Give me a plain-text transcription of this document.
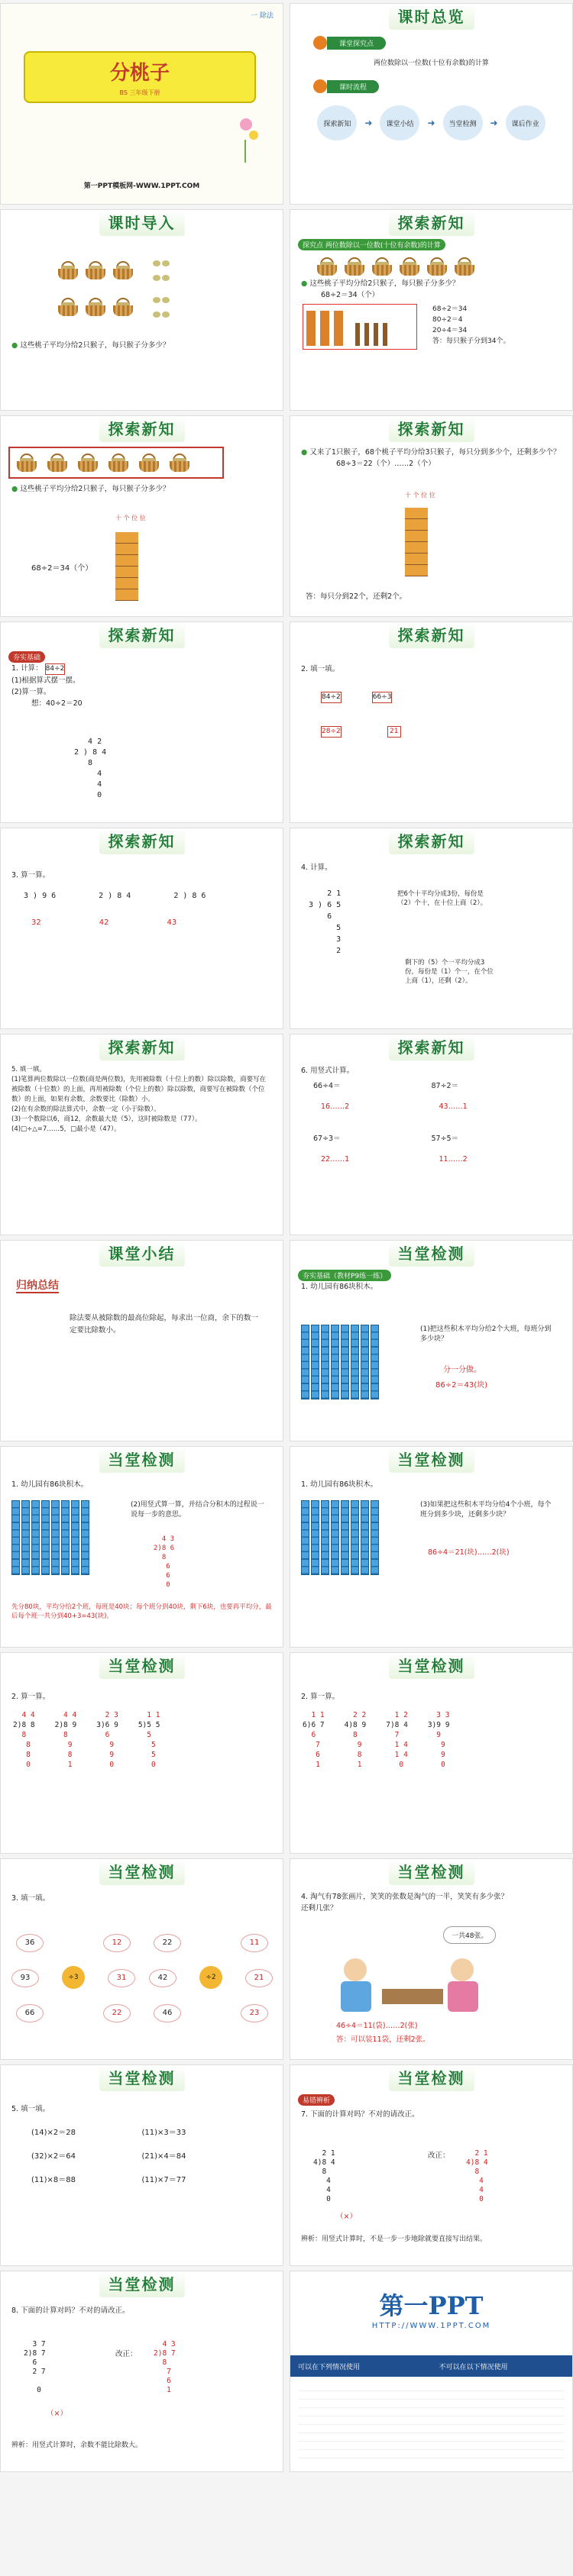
一 除法
分桃子
BS 三年级下册
第一PPT模板网-WWW.1PPT.COM
课时总览
课堂探究点
两位数除以一位数(十位有余数)的计算
课时流程
探索新知	➜	课堂小结	➜	当堂检测	➜	课后作业
课时导入

● 这些桃子平均分给2只猴子，每只猴子分多少？
探索新知
探究点 两位数除以一位数(十位有余数)的计算
● 这些桃子平均分给2只猴子，每只猴子分多少？
68÷2＝34（个）
68÷2＝34
80÷2＝4
20÷4＝34
答：每只猴子分到34个。
探索新知
● 这些桃子平均分给2只猴子，每只猴子分多少？
十 个 位 位
68÷2＝34（个）
探索新知
● 又来了1只猴子，68个桃子平均分给3只猴子，每只分到多少个，还剩多少个？
68÷3＝22（个）……2（个）
十 个 位 位
答：每只分到22个，还剩2个。
探索新知
夯实基础
1. 计算： 84÷2
(1)根据算式摆一摆。
(2)算一算。
想：40÷2＝20
4 2
2 ) 8 4
8
4
4
0
探索新知
2. 填一填。
84÷2	66÷3
28÷2	21
探索新知
3. 算一算。
3 ) 9 6	2 ) 8 4	2 ) 8 6
32	42	43
探索新知
4. 计算。
2 1
3 ) 6 5
6
5
3
2
把6个十平均分成3份，每份是（2）个十，在十位上商（2）。
剩下的（5）个一平均分成3份，每份是（1）个一，在个位上商（1），还剩（2）。
探索新知
5. 填一填。
(1)笔算两位数除以一位数(商是两位数)，先用被除数（十位上的数）除以除数，商要写在被除数（十位数）的上面，再用被除数（个位上的数）除以除数，商要写在被除数（个位数）的上面，如果有余数，余数要比（除数）小。
(2)在有余数的除法算式中，余数一定（小于除数）。
(3)一个数除以6，商12，余数最大是（5），这时被除数是（77）。
(4)□÷△=7……5，□最小是（47）。
探索新知
6. 用竖式计算。
66÷4＝
16……2
87÷2＝
43……1
67÷3＝
22……1
57÷5＝
11……2
课堂小结
归纳总结
除法要从被除数的最高位除起，每求出一位商，余下的数一定要比除数小。
当堂检测
夯实基础（教材P9练一练）
1. 幼儿园有86块积木。
(1)把这些积木平均分给2个大班，每班分到多少块？
分一分做。
86÷2＝43(块)
当堂检测
1. 幼儿园有86块积木。
(2)用竖式算一算，并结合分积木的过程说一说每一步的意思。
4 3
2)8 6
8
6
6
0
先分80块，平均分给2个班，每班是40块；每个班分到40块，剩下6块，也要再平均分，最后每个班一共分到40+3=43(块)。
当堂检测
1. 幼儿园有86块积木。
(3)如果把这些积木平均分给4个小班，每个班分到多少块，还剩多少块？
86÷4＝21(块)……2(块)
当堂检测
2. 算一算。
4 4
2)8 8
8
8
8
0
4 4
2)8 9
8
9
8
1
2 3
3)6 9
6
9
9
0
1 1
5)5 5
5
5
5
0
当堂检测
2. 算一算。
1 1
6)6 7
6
7
6
1
2 2
4)8 9
8
9
8
1
1 2
7)8 4
7
1 4
1 4
0
3 3
3)9 9
9
9
9
0
当堂检测
3. 填一填。
÷3
36
93
66
12
31
22
÷2
22
42
46
11
21
23
当堂检测
4. 淘气有78张画片，笑笑的张数是淘气的一半，笑笑有多少张？
还剩几张？
一共48张。
46÷4＝11(袋)……2(张)
答：可以装11袋，还剩2张。
当堂检测
5. 填一填。
(14)×2＝28	(11)×3＝33
(32)×2＝64	(21)×4＝84
(11)×8＝88	(11)×7＝77
当堂检测
易错辨析
7. 下面的计算对吗？不对的请改正。
2 1
4)8 4
8
4
4
0
（×）
改正： 2 1
4)8 4
8
4
4
0
辨析：用竖式计算时，不是一步一步地除就要直接写出结果。
当堂检测
8. 下面的计算对吗？不对的请改正。
3 7
2)8 7
6
2 7

0
（×）
改正：
4 3
2)8 7
8
7
6
1
辨析：用竖式计算时，余数不能比除数大。
第一PPT
HTTP://WWW.1PPT.COM
可以在下列情况使用	不可以在以下情况使用
